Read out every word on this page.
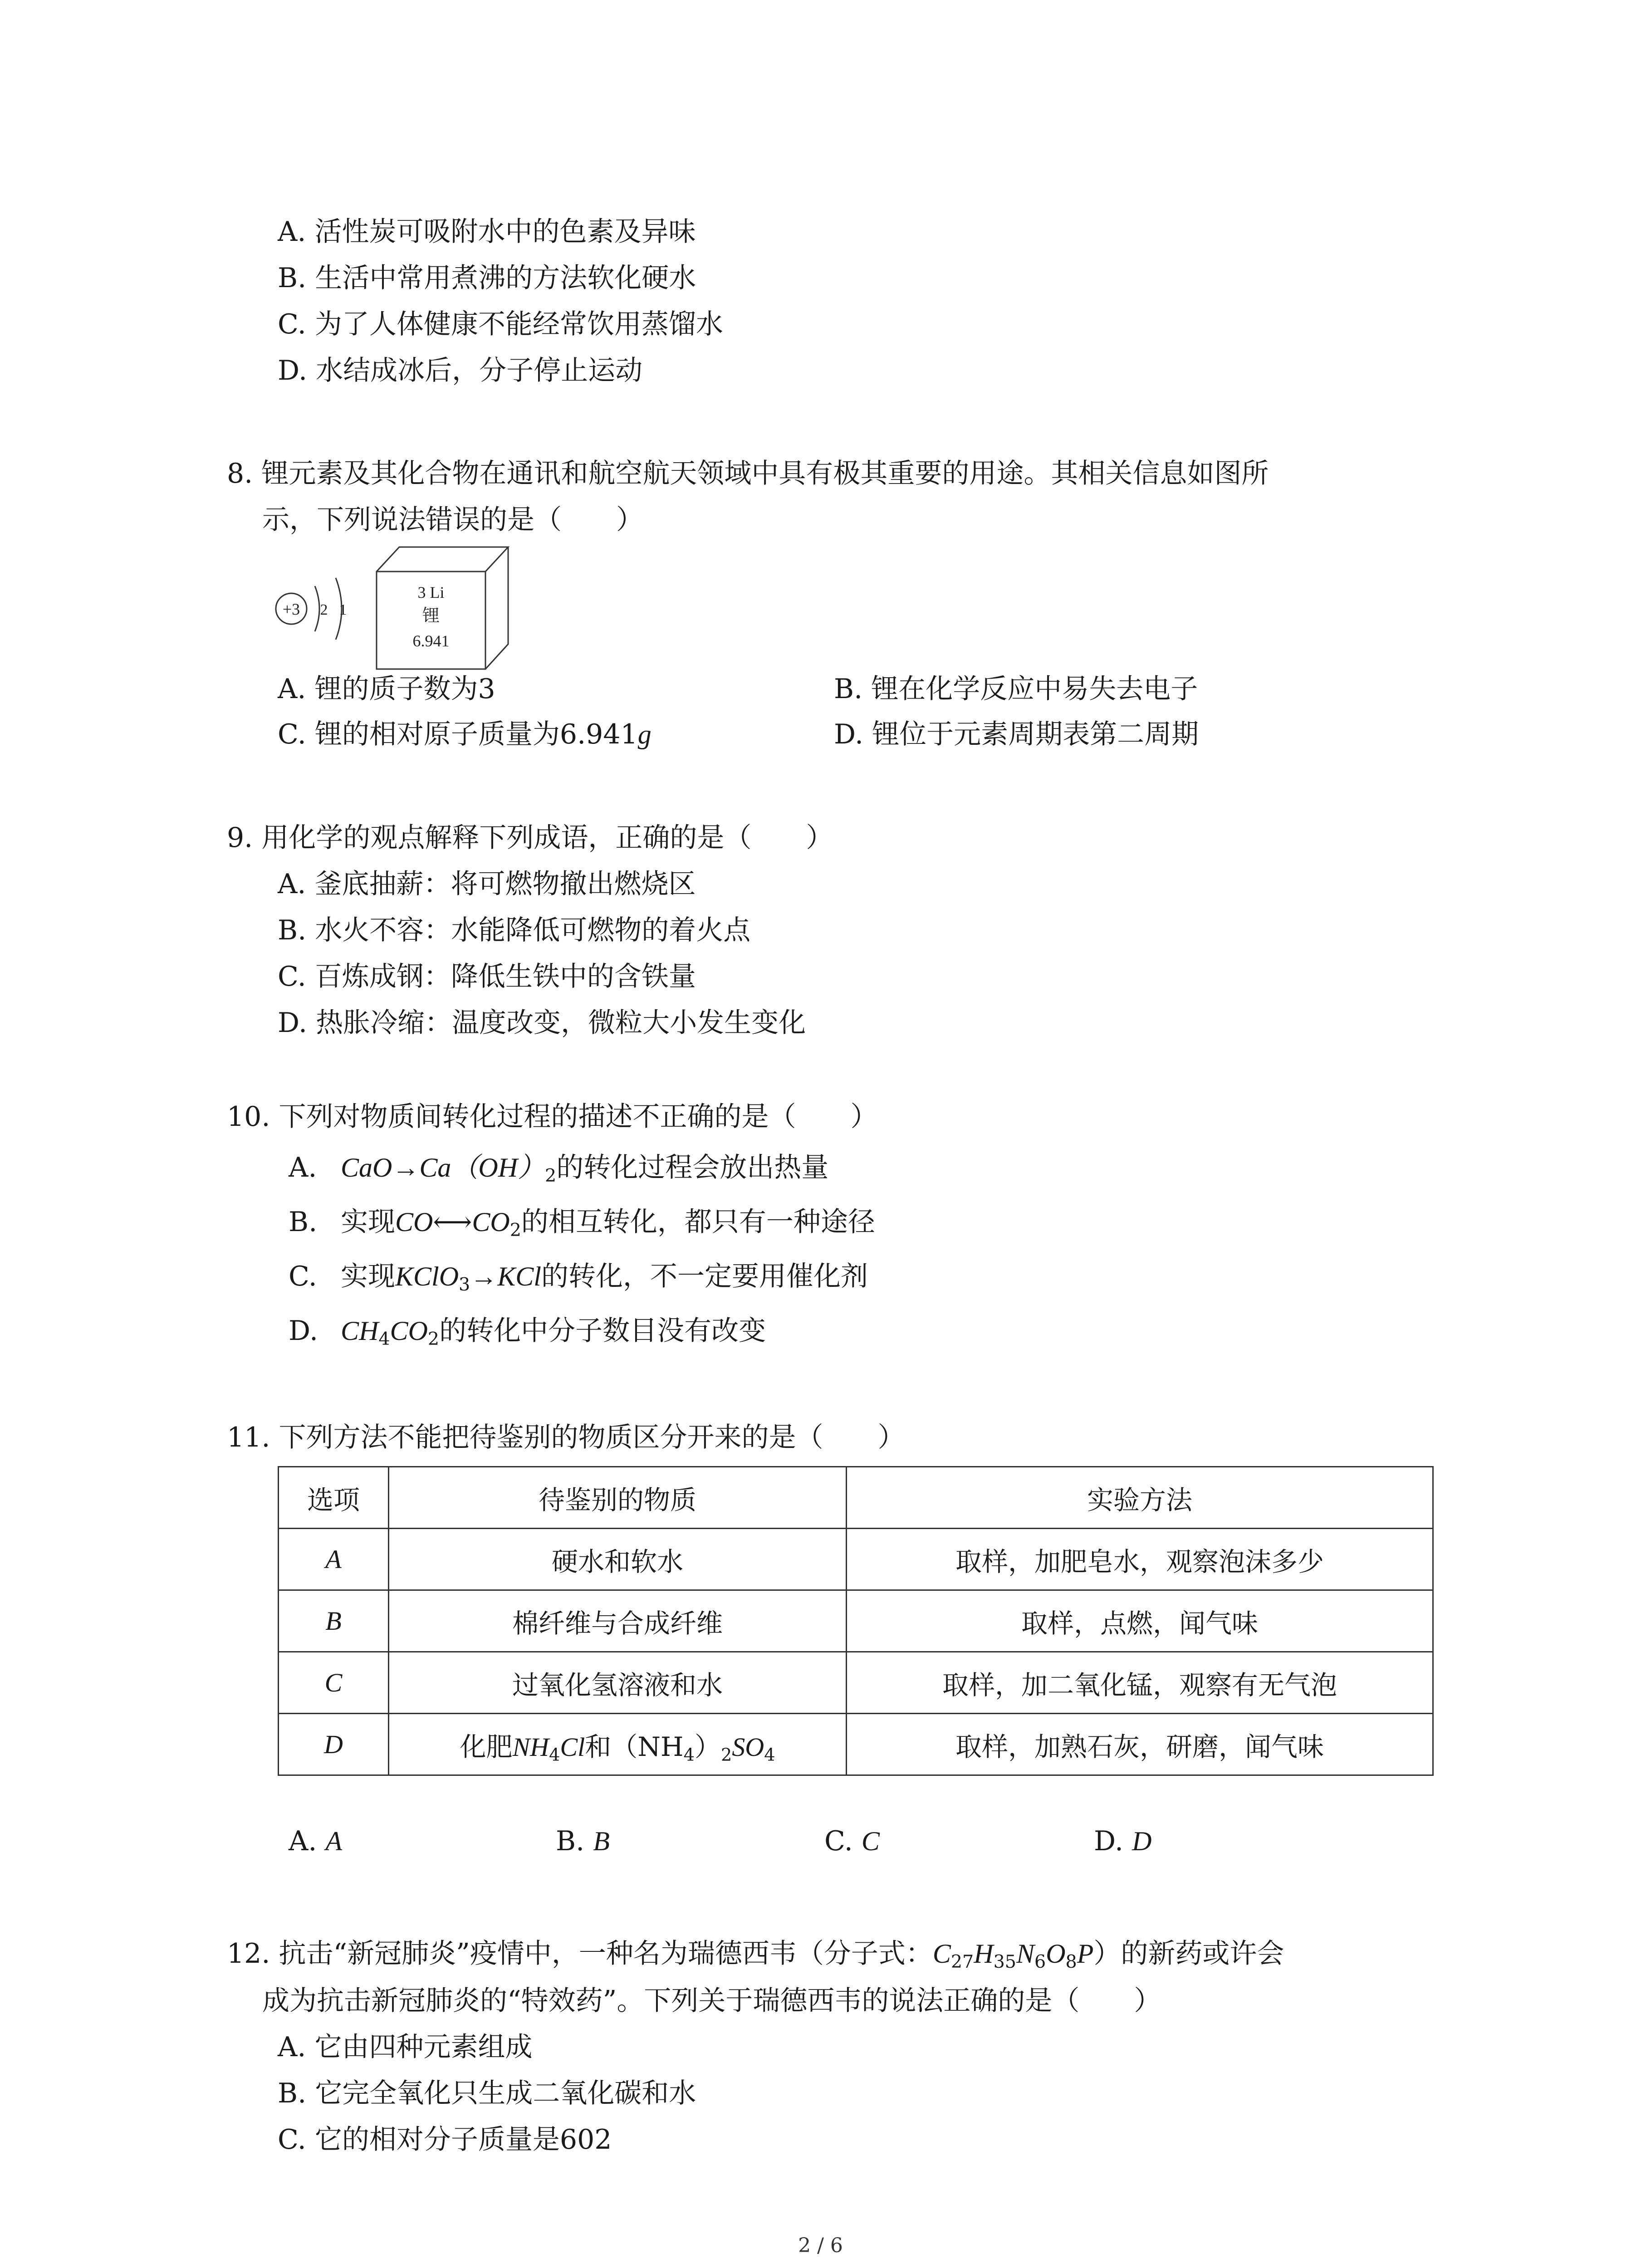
A. 活性炭可吸附水中的色素及异味
B. 生活中常用煮沸的方法软化硬水
C. 为了人体健康不能经常饮用蒸馏水
D. 水结成冰后，分子停止运动
8. 锂元素及其化合物在通讯和航空航天领域中具有极其重要的用途。其相关信息如图所
示，下列说法错误的是（　　）
+3 2 1
3 Li
锂
6.941
A. 锂的质子数为3	B. 锂在化学反应中易失去电子
C. 锂的相对原子质量为6.941g	D. 锂位于元素周期表第二周期
9. 用化学的观点解释下列成语，正确的是（　　）
A. 釜底抽薪：将可燃物撤出燃烧区
B. 水火不容：水能降低可燃物的着火点
C. 百炼成钢：降低生铁中的含铁量
D. 热胀冷缩：温度改变，微粒大小发生变化
10. 下列对物质间转化过程的描述不正确的是（　　）
A. $CaO\to Ca(OH)_2$的转化过程会放出热量
B. 实现$CO⟷CO_2$的相互转化，都只有一种途径
C. 实现KClO$_3$→KCl的转化，不一定要用催化剂
D. $CH_4CO_2$的转化中分子数目没有改变
11. 下列方法不能把待鉴别的物质区分开来的是（　　）
选项	待鉴别的物质	实验方法
A	硬水和软水	取样，加肥皂水，观察泡沫多少
B	棉纤维与合成纤维	取样，点燃，闻气味
C	过氧化氢溶液和水	取样，加二氧化锰，观察有无气泡
D	化肥$NH_4Cl$和$(NH_4)_2SO_4$	取样，加熟石灰，研磨，闻气味
A. A	B. B	C. C	D. D
12. 抗击“新冠肺炎”疫情中，一种名为瑞德西韦（分子式：$C_{27}H_{35}N_6O_8P$）的新药或许会
成为抗击新冠肺炎的“特效药”。下列关于瑞德西韦的说法正确的是（　　）
A. 它由四种元素组成
B. 它完全氧化只生成二氧化碳和水
C. 它的相对分子质量是602
2 / 6
